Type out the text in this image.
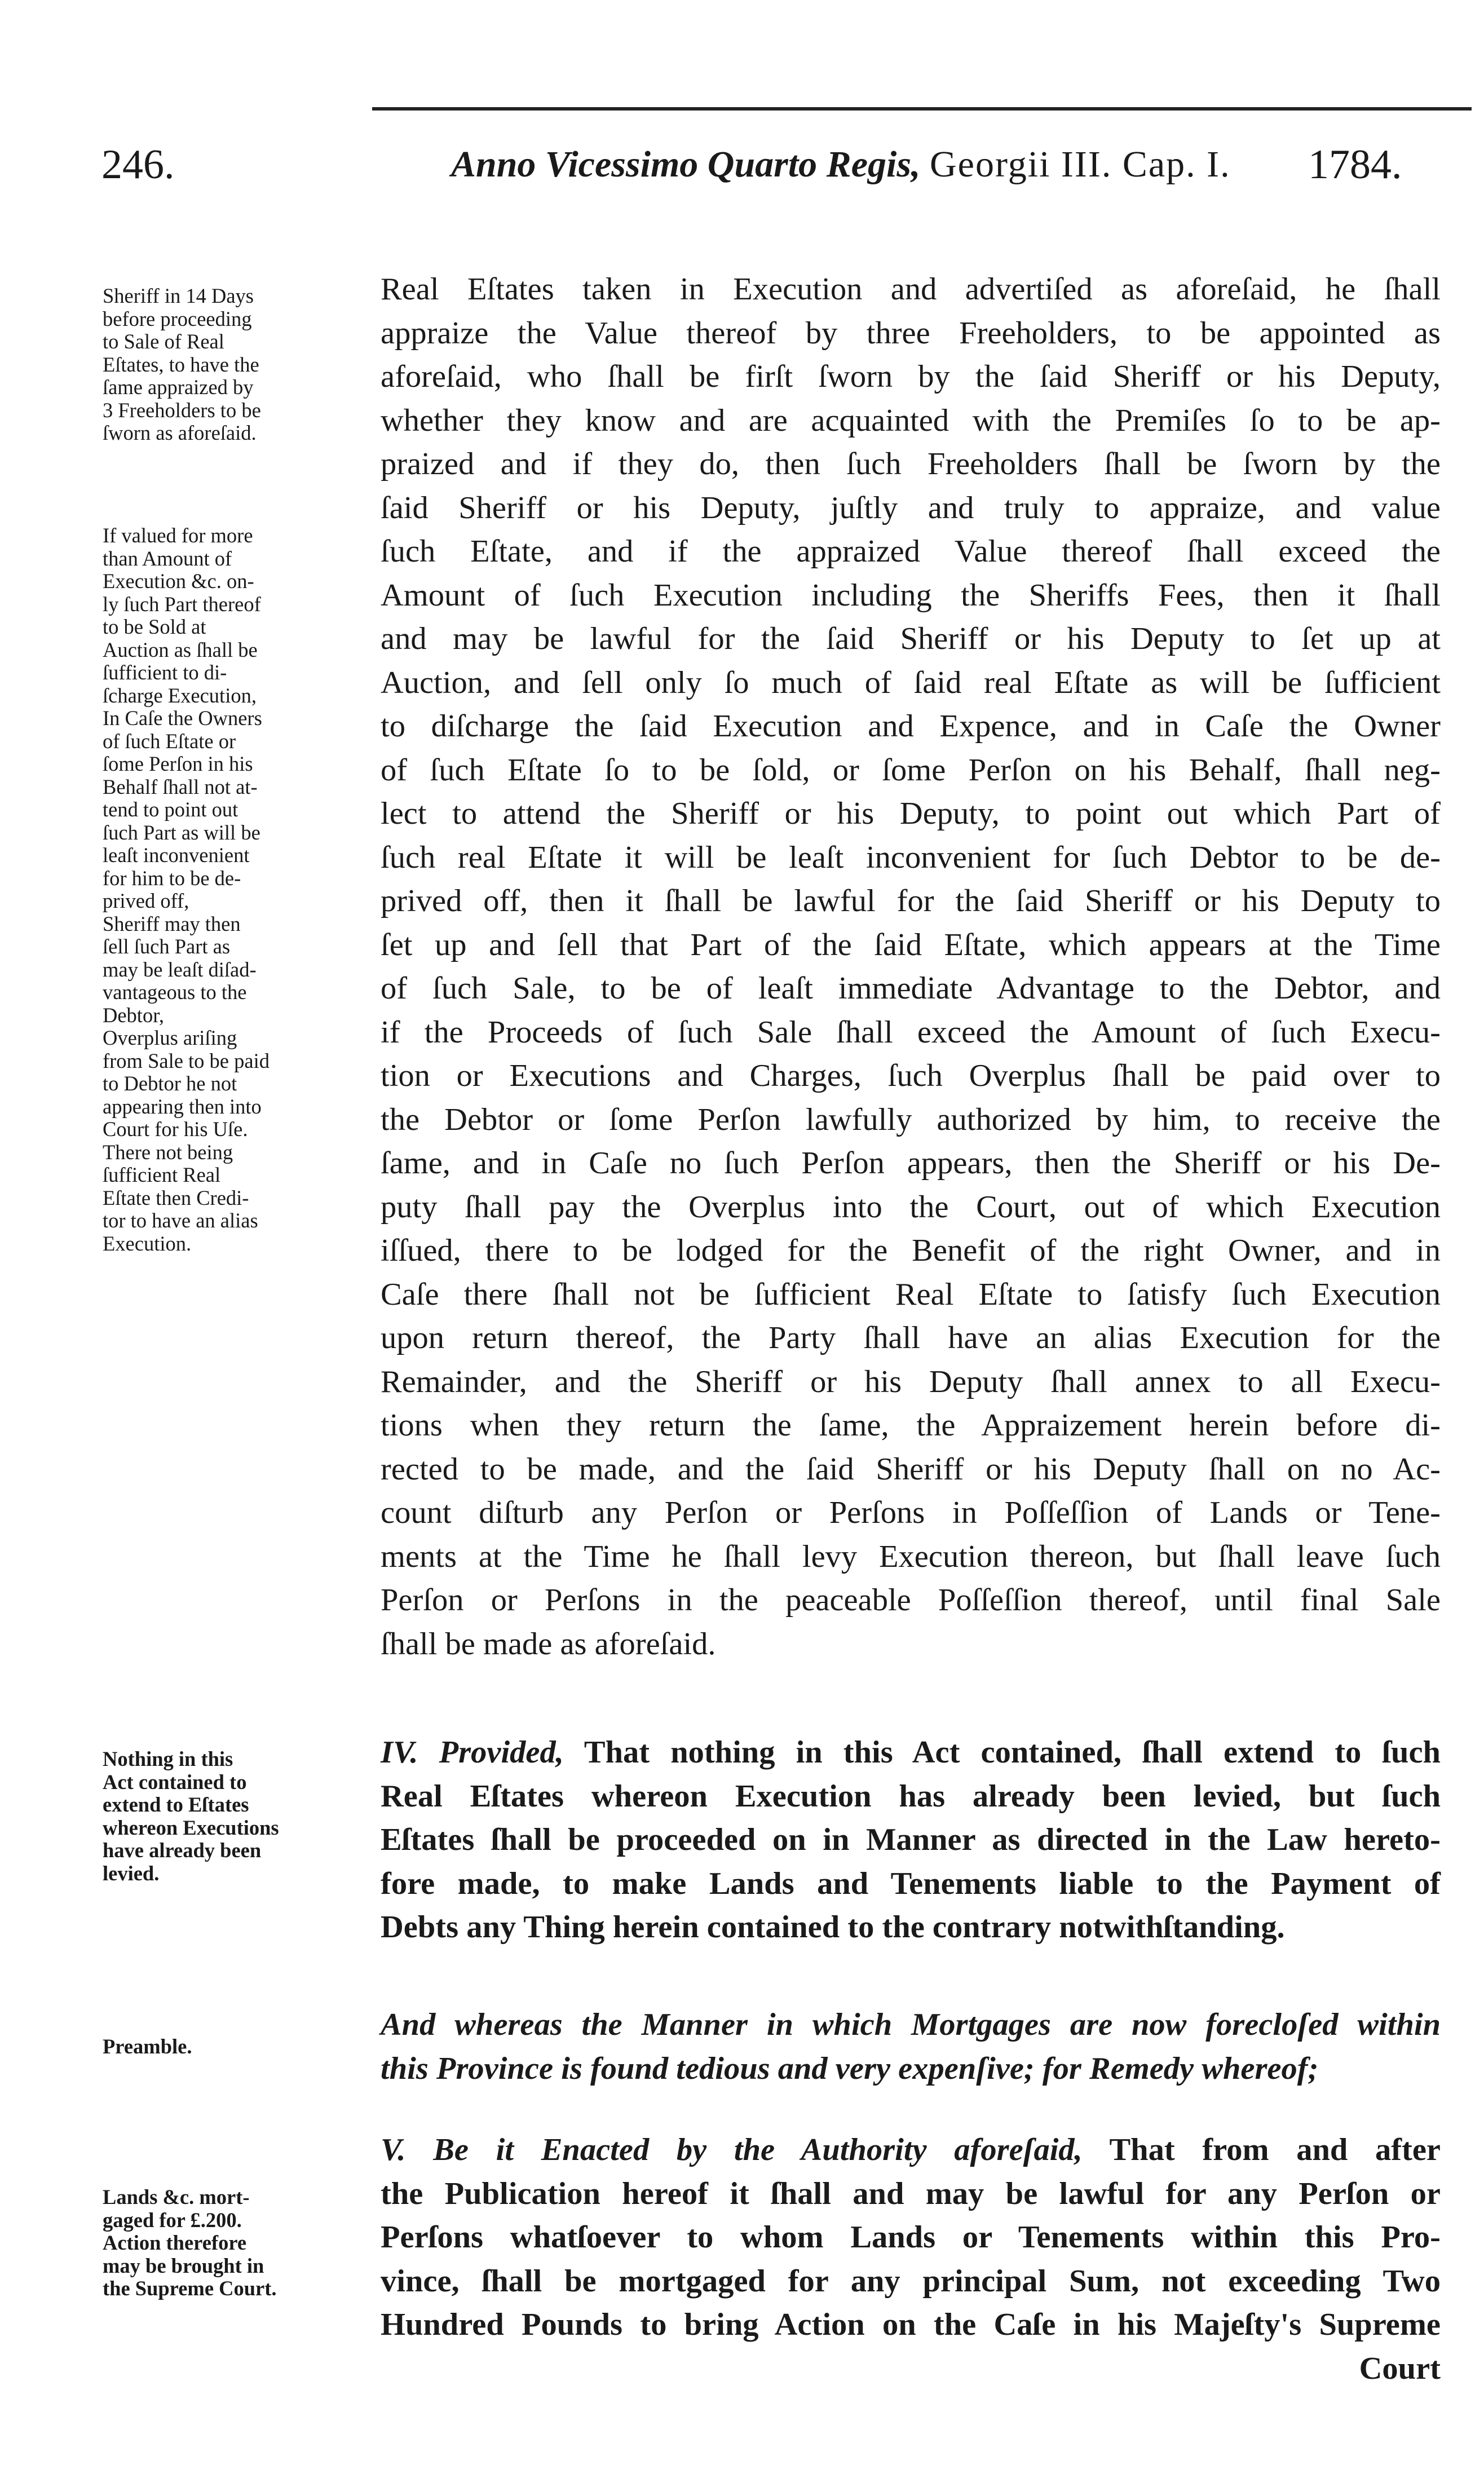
246.	Anno Vicessimo Quarto Regis, Georgii III. Cap. I. 1784.
Real Eſtates taken in Execution and advertiſed as aforeſaid, he ſhall
appraize the Value thereof by three Freeholders, to be appointed as
aforeſaid, who ſhall be firſt ſworn by the ſaid Sheriff or his Deputy,
whether they know and are acquainted with the Premiſes ſo to be ap-
praized and if they do, then ſuch Freeholders ſhall be ſworn by the
ſaid Sheriff or his Deputy, juſtly and truly to appraize, and value
ſuch Eſtate, and if the appraized Value thereof ſhall exceed the
Amount of ſuch Execution including the Sheriffs Fees, then it ſhall
and may be lawful for the ſaid Sheriff or his Deputy to ſet up at
Auction, and ſell only ſo much of ſaid real Eſtate as will be ſufficient
to diſcharge the ſaid Execution and Expence, and in Caſe the Owner
of ſuch Eſtate ſo to be ſold, or ſome Perſon on his Behalf, ſhall neg-
lect to attend the Sheriff or his Deputy, to point out which Part of
ſuch real Eſtate it will be leaſt inconvenient for ſuch Debtor to be de-
prived off, then it ſhall be lawful for the ſaid Sheriff or his Deputy to
ſet up and ſell that Part of the ſaid Eſtate, which appears at the Time
of ſuch Sale, to be of leaſt immediate Advantage to the Debtor, and
if the Proceeds of ſuch Sale ſhall exceed the Amount of ſuch Execu-
tion or Executions and Charges, ſuch Overplus ſhall be paid over to
the Debtor or ſome Perſon lawfully authorized by him, to receive the
ſame, and in Caſe no ſuch Perſon appears, then the Sheriff or his De-
puty ſhall pay the Overplus into the Court, out of which Execution
iſſued, there to be lodged for the Benefit of the right Owner, and in
Caſe there ſhall not be ſufficient Real Eſtate to ſatisfy ſuch Execution
upon return thereof, the Party ſhall have an alias Execution for the
Remainder, and the Sheriff or his Deputy ſhall annex to all Execu-
tions when they return the ſame, the Appraizement herein before di-
rected to be made, and the ſaid Sheriff or his Deputy ſhall on no Ac-
count diſturb any Perſon or Perſons in Poſſeſſion of Lands or Tene-
ments at the Time he ſhall levy Execution thereon, but ſhall leave ſuch
Perſon or Perſons in the peaceable Poſſeſſion thereof, until final Sale
ſhall be made as aforeſaid.
IV. Provided, That nothing in this Act contained, ſhall extend to ſuch
Real Eſtates whereon Execution has already been levied, but ſuch
Eſtates ſhall be proceeded on in Manner as directed in the Law hereto-
fore made, to make Lands and Tenements liable to the Payment of
Debts any Thing herein contained to the contrary notwithſtanding.
And whereas the Manner in which Mortgages are now forecloſed within
this Province is found tedious and very expenſive; for Remedy whereof;
V. Be it Enacted by the Authority aforeſaid, That from and after
the Publication hereof it ſhall and may be lawful for any Perſon or
Perſons whatſoever to whom Lands or Tenements within this Pro-
vince, ſhall be mortgaged for any principal Sum, not exceeding Two
Hundred Pounds to bring Action on the Caſe in his Majeſty's Supreme
Court
Sheriff in 14 Days
before proceeding
to Sale of Real
Eſtates, to have the
ſame appraized by
3 Freeholders to be
ſworn as aforeſaid.
If valued for more
than Amount of
Execution &c. on-
ly ſuch Part thereof
to be Sold at
Auction as ſhall be
ſufficient to di-
ſcharge Execution,
In Caſe the Owners
of ſuch Eſtate or
ſome Perſon in his
Behalf ſhall not at-
tend to point out
ſuch Part as will be
leaſt inconvenient
for him to be de-
prived off,
Sheriff may then
ſell ſuch Part as
may be leaſt diſad-
vantageous to the
Debtor,
Overplus ariſing
from Sale to be paid
to Debtor he not
appearing then into
Court for his Uſe.
There not being
ſufficient Real
Eſtate then Credi-
tor to have an alias
Execution.
Nothing in this
Act contained to
extend to Eſtates
whereon Executions
have already been
levied.
Preamble.
Lands &c. mort-
gaged for £.200.
Action therefore
may be brought in
the Supreme Court.
